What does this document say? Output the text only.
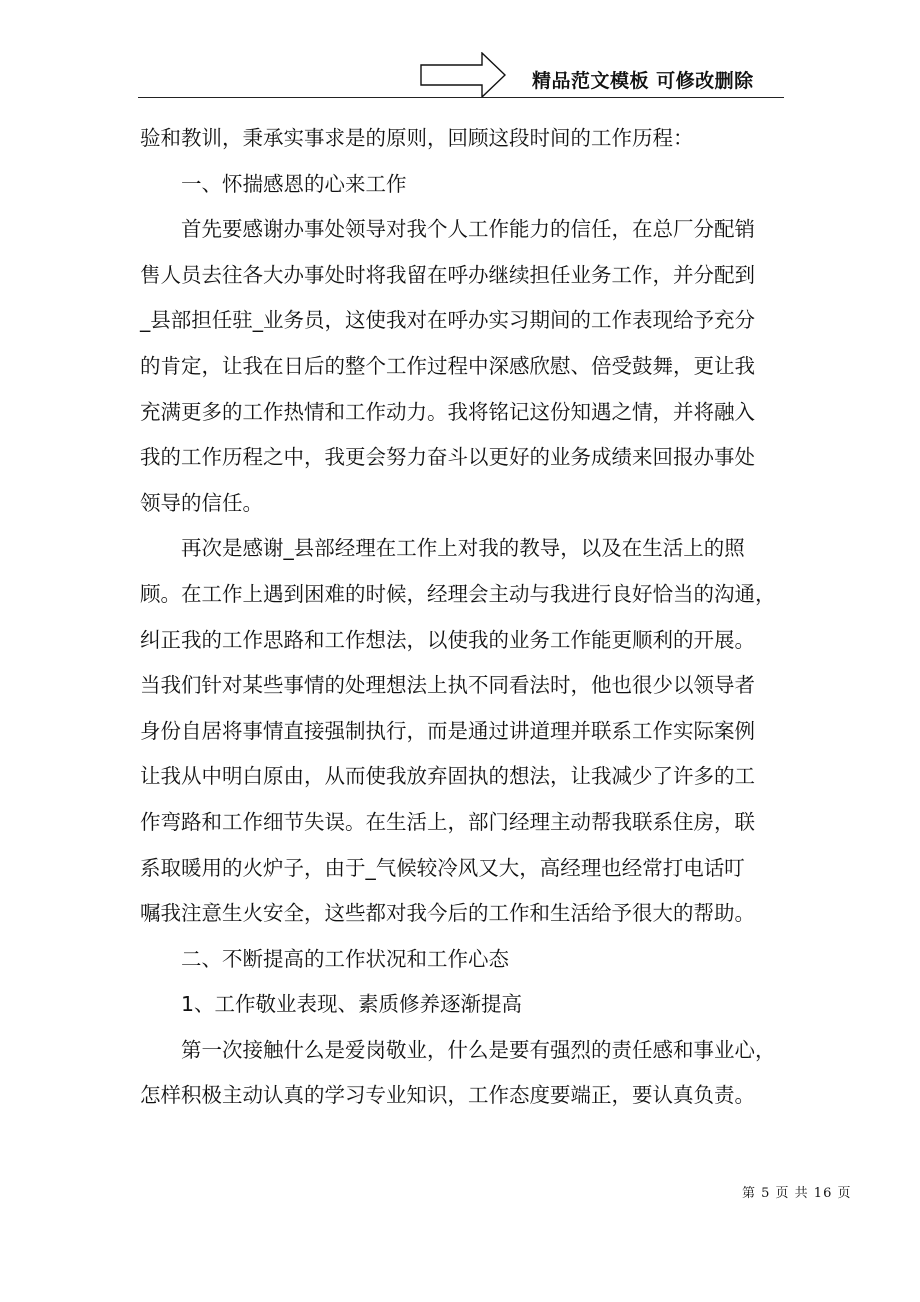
精品范文模板 可修改删除
验和教训，秉承实事求是的原则，回顾这段时间的工作历程：
一、怀揣感恩的心来工作
首先要感谢办事处领导对我个人工作能力的信任，在总厂分配销
售人员去往各大办事处时将我留在呼办继续担任业务工作，并分配到
_县部担任驻_业务员，这使我对在呼办实习期间的工作表现给予充分
的肯定，让我在日后的整个工作过程中深感欣慰、倍受鼓舞，更让我
充满更多的工作热情和工作动力。我将铭记这份知遇之情，并将融入
我的工作历程之中，我更会努力奋斗以更好的业务成绩来回报办事处
领导的信任。
再次是感谢_县部经理在工作上对我的教导，以及在生活上的照
顾。在工作上遇到困难的时候，经理会主动与我进行良好恰当的沟通，
纠正我的工作思路和工作想法，以使我的业务工作能更顺利的开展。
当我们针对某些事情的处理想法上执不同看法时，他也很少以领导者
身份自居将事情直接强制执行，而是通过讲道理并联系工作实际案例
让我从中明白原由，从而使我放弃固执的想法，让我减少了许多的工
作弯路和工作细节失误。在生活上，部门经理主动帮我联系住房，联
系取暖用的火炉子，由于_气候较冷风又大，高经理也经常打电话叮
嘱我注意生火安全，这些都对我今后的工作和生活给予很大的帮助。
二、不断提高的工作状况和工作心态
1、工作敬业表现、素质修养逐渐提高
第一次接触什么是爱岗敬业，什么是要有强烈的责任感和事业心，
怎样积极主动认真的学习专业知识，工作态度要端正，要认真负责。
第 5 页 共 16 页
